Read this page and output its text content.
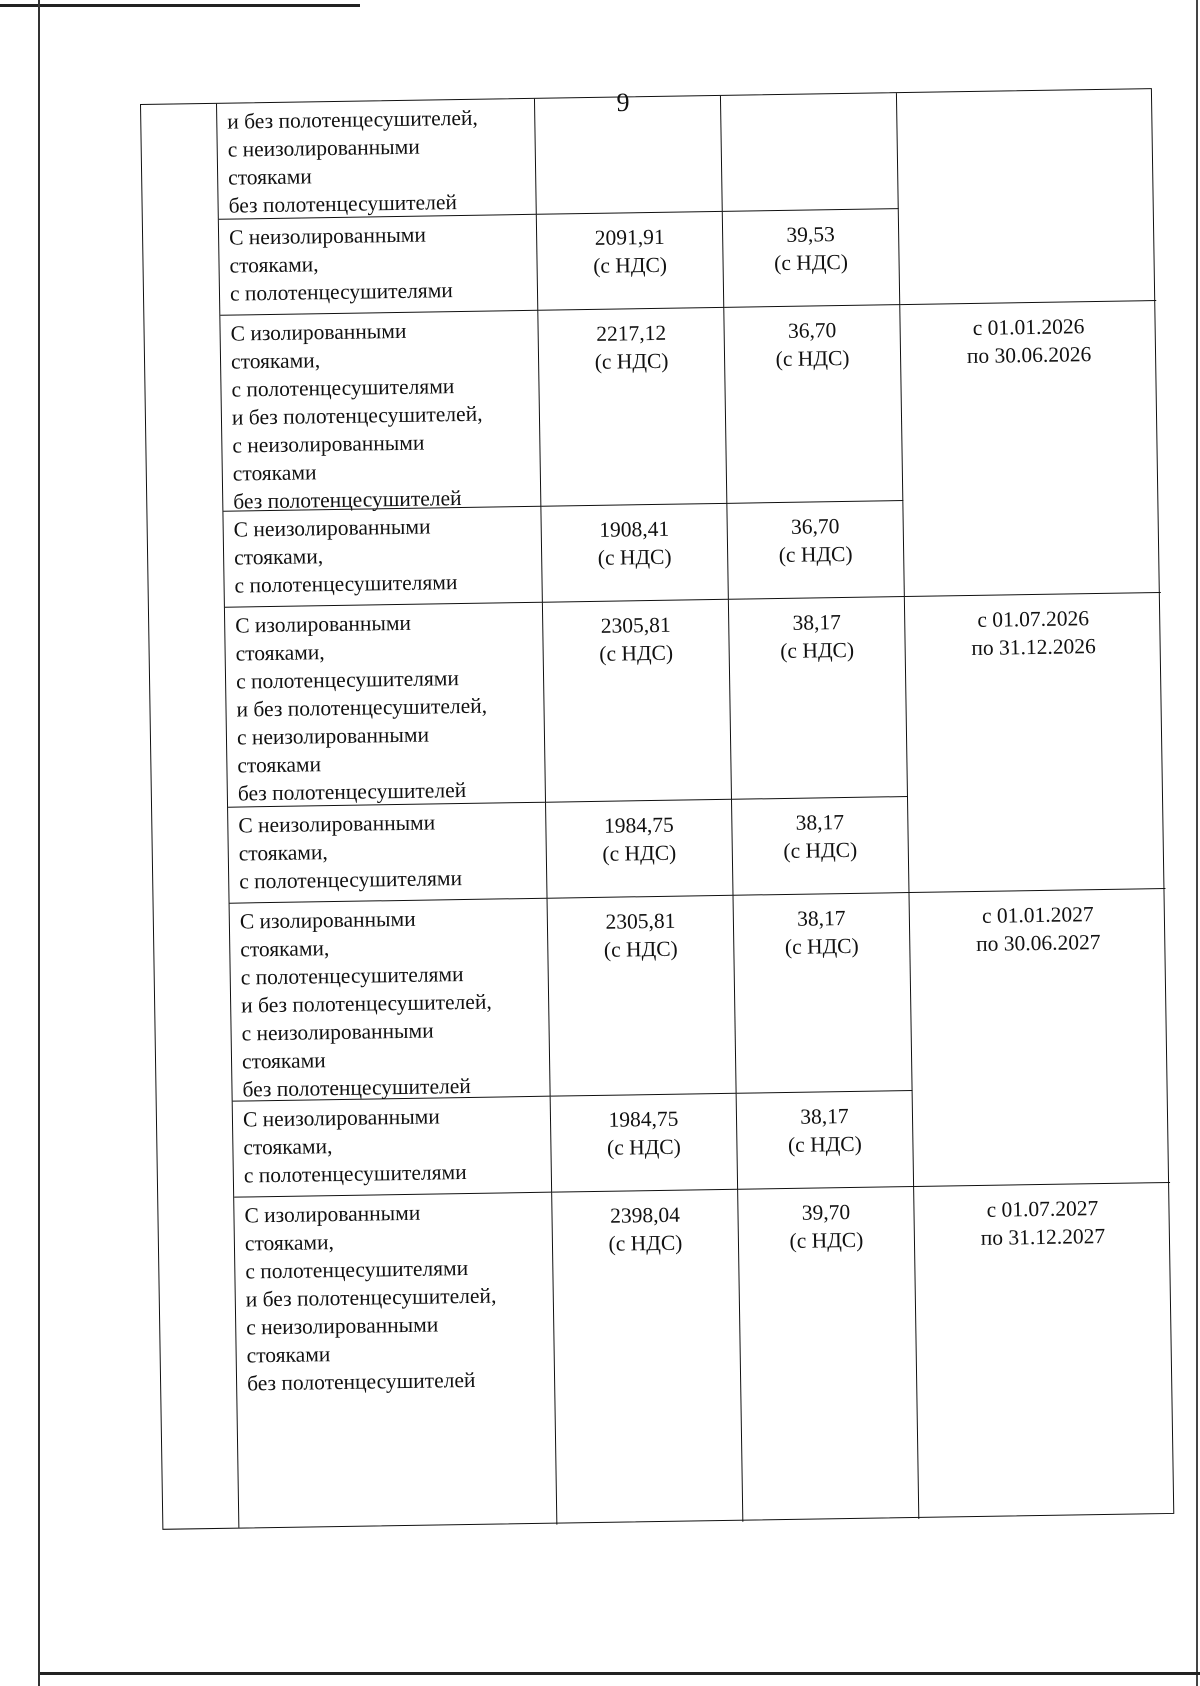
9
и без полотенцесушителей,
с неизолированными
стояками
без полотенцесушителей
С неизолированными
стояками,
с полотенцесушителями
2091,91
(с НДС)
39,53
(с НДС)
С изолированными
стояками,
с полотенцесушителями
и без полотенцесушителей,
с неизолированными
стояками
без полотенцесушителей
2217,12
(с НДС)
36,70
(с НДС)
С неизолированными
стояками,
с полотенцесушителями
1908,41
(с НДС)
36,70
(с НДС)
с 01.01.2026
по 30.06.2026
С изолированными
стояками,
с полотенцесушителями
и без полотенцесушителей,
с неизолированными
стояками
без полотенцесушителей
2305,81
(с НДС)
38,17
(с НДС)
С неизолированными
стояками,
с полотенцесушителями
1984,75
(с НДС)
38,17
(с НДС)
с 01.07.2026
по 31.12.2026
С изолированными
стояками,
с полотенцесушителями
и без полотенцесушителей,
с неизолированными
стояками
без полотенцесушителей
2305,81
(с НДС)
38,17
(с НДС)
С неизолированными
стояками,
с полотенцесушителями
1984,75
(с НДС)
38,17
(с НДС)
с 01.01.2027
по 30.06.2027
С изолированными
стояками,
с полотенцесушителями
и без полотенцесушителей,
с неизолированными
стояками
без полотенцесушителей
2398,04
(с НДС)
39,70
(с НДС)
с 01.07.2027
по 31.12.2027
